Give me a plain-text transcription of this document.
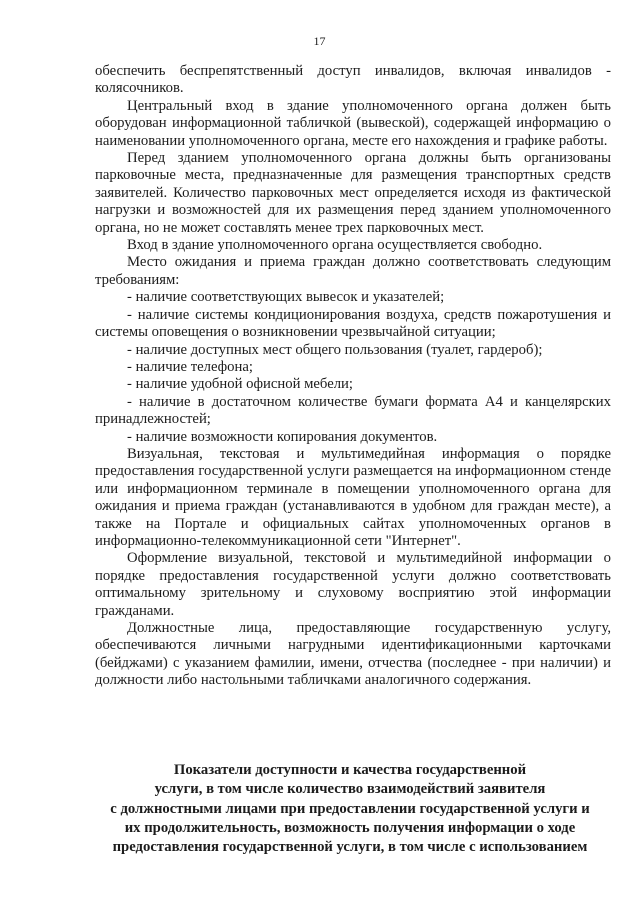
17

обеспечить беспрепятственный доступ инвалидов, включая инвалидов - колясочников.

Центральный вход в здание уполномоченного органа должен быть оборудован информационной табличкой (вывеской), содержащей информацию о наименовании уполномоченного органа, месте его нахождения и графике работы.

Перед зданием уполномоченного органа должны быть организованы парковочные места, предназначенные для размещения транспортных средств заявителей. Количество парковочных мест определяется исходя из фактической нагрузки и возможностей для их размещения перед зданием уполномоченного органа, но не может составлять менее трех парковочных мест.

Вход в здание уполномоченного органа осуществляется свободно.

Место ожидания и приема граждан должно соответствовать следующим требованиям:

- наличие соответствующих вывесок и указателей;

- наличие системы кондиционирования воздуха, средств пожаротушения и системы оповещения о возникновении чрезвычайной ситуации;

- наличие доступных мест общего пользования (туалет, гардероб);

- наличие телефона;

- наличие удобной офисной мебели;

- наличие в достаточном количестве бумаги формата А4 и канцелярских принадлежностей;

- наличие возможности копирования документов.

Визуальная, текстовая и мультимедийная информация о порядке предоставления государственной услуги размещается на информационном стенде или информационном терминале в помещении уполномоченного органа для ожидания и приема граждан (устанавливаются в удобном для граждан месте), а также на Портале и официальных сайтах уполномоченных органов в информационно-телекоммуникационной сети "Интернет".

Оформление визуальной, текстовой и мультимедийной информации о порядке предоставления государственной услуги должно соответствовать оптимальному зрительному и слуховому восприятию этой информации гражданами.

Должностные лица, предоставляющие государственную услугу, обеспечиваются личными нагрудными идентификационными карточками (бейджами) с указанием фамилии, имени, отчества (последнее - при наличии) и должности либо настольными табличками аналогичного содержания.

Показатели доступности и качества государственной
услуги, в том числе количество взаимодействий заявителя
с должностными лицами при предоставлении государственной услуги и
их продолжительность, возможность получения информации о ходе
предоставления государственной услуги, в том числе с использованием
